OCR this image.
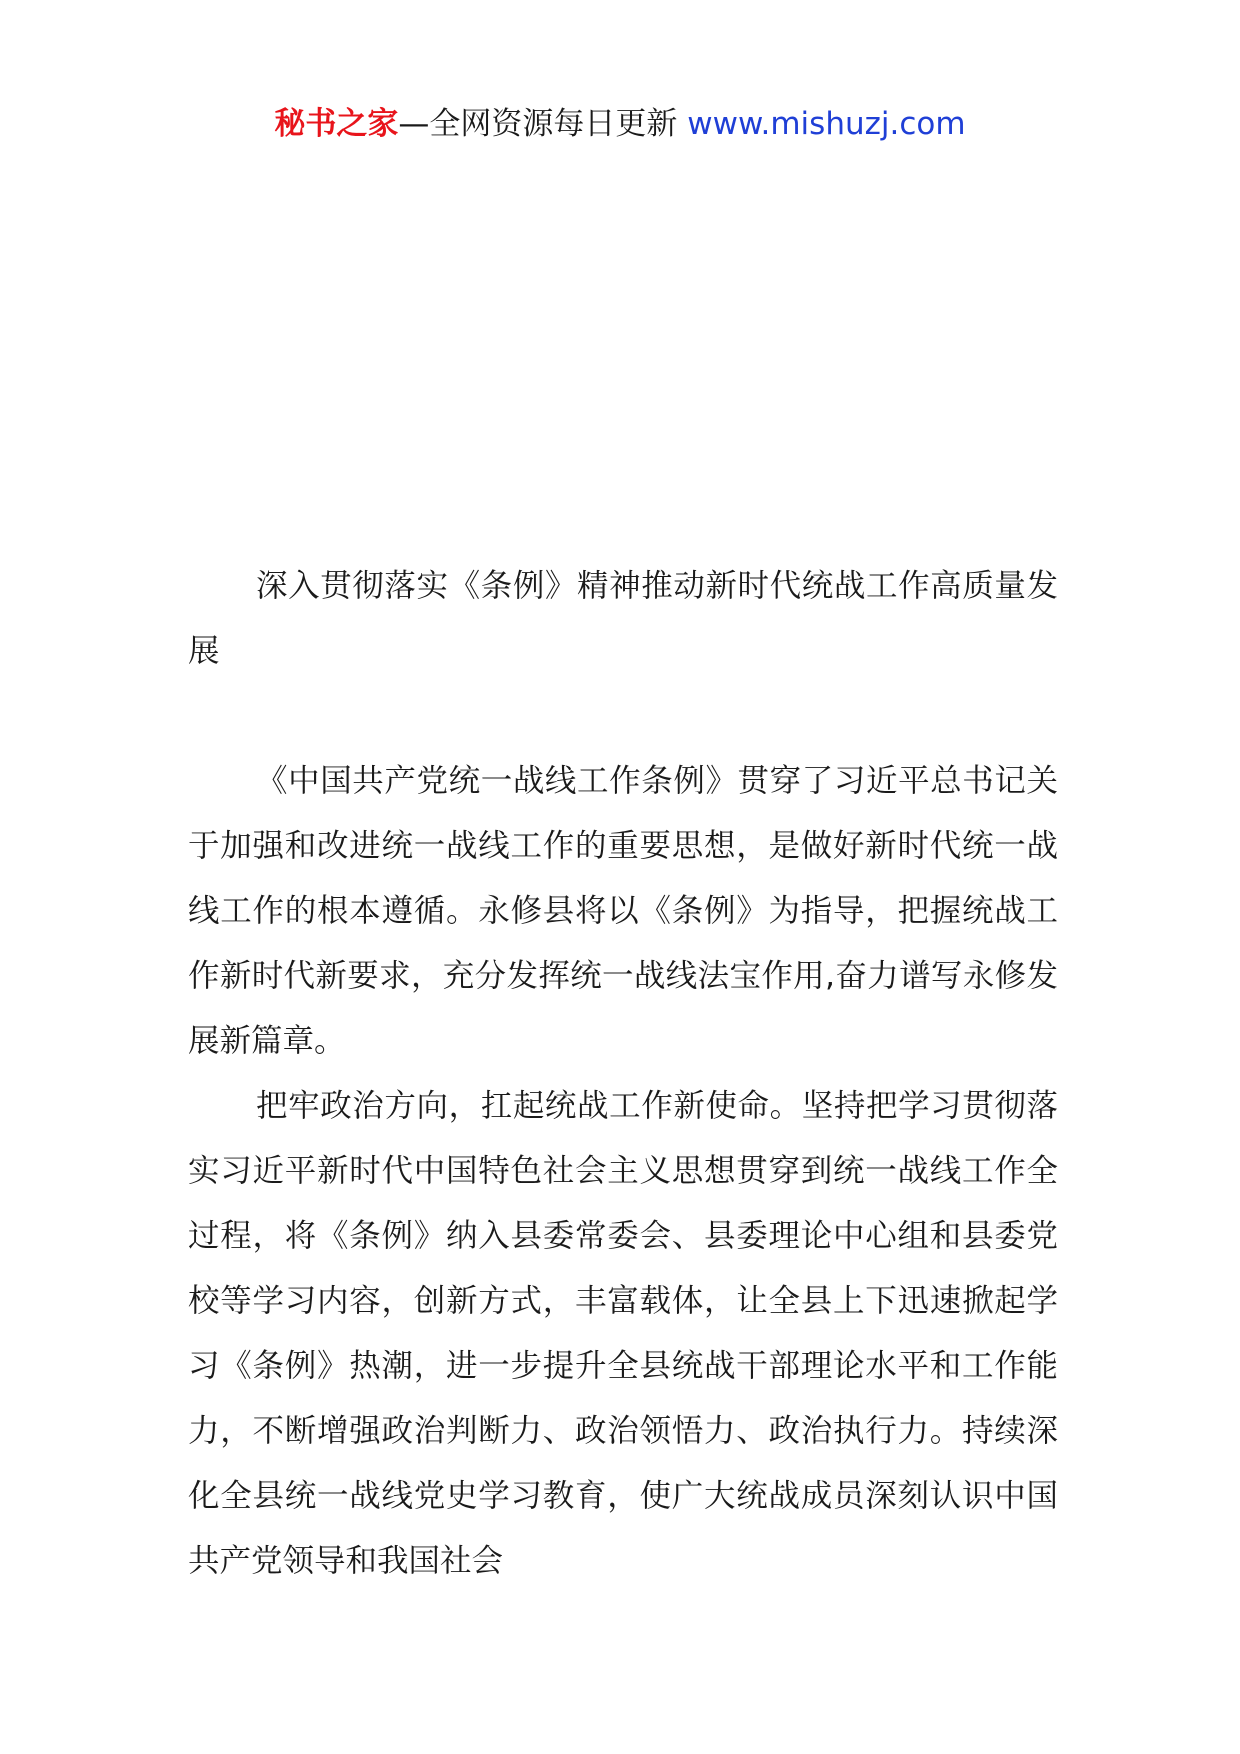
秘书之家—全网资源每日更新 www.mishuzj.com

深入贯彻落实《条例》精神推动新时代统战工作高质量发展

《中国共产党统一战线工作条例》贯穿了习近平总书记关于加强和改进统一战线工作的重要思想，是做好新时代统一战线工作的根本遵循。永修县将以《条例》为指导，把握统战工作新时代新要求，充分发挥统一战线法宝作用,奋力谱写永修发展新篇章。

把牢政治方向，扛起统战工作新使命。坚持把学习贯彻落实习近平新时代中国特色社会主义思想贯穿到统一战线工作全过程，将《条例》纳入县委常委会、县委理论中心组和县委党校等学习内容，创新方式，丰富载体，让全县上下迅速掀起学习《条例》热潮，进一步提升全县统战干部理论水平和工作能力，不断增强政治判断力、政治领悟力、政治执行力。持续深化全县统一战线党史学习教育，使广大统战成员深刻认识中国共产党领导和我国社会
